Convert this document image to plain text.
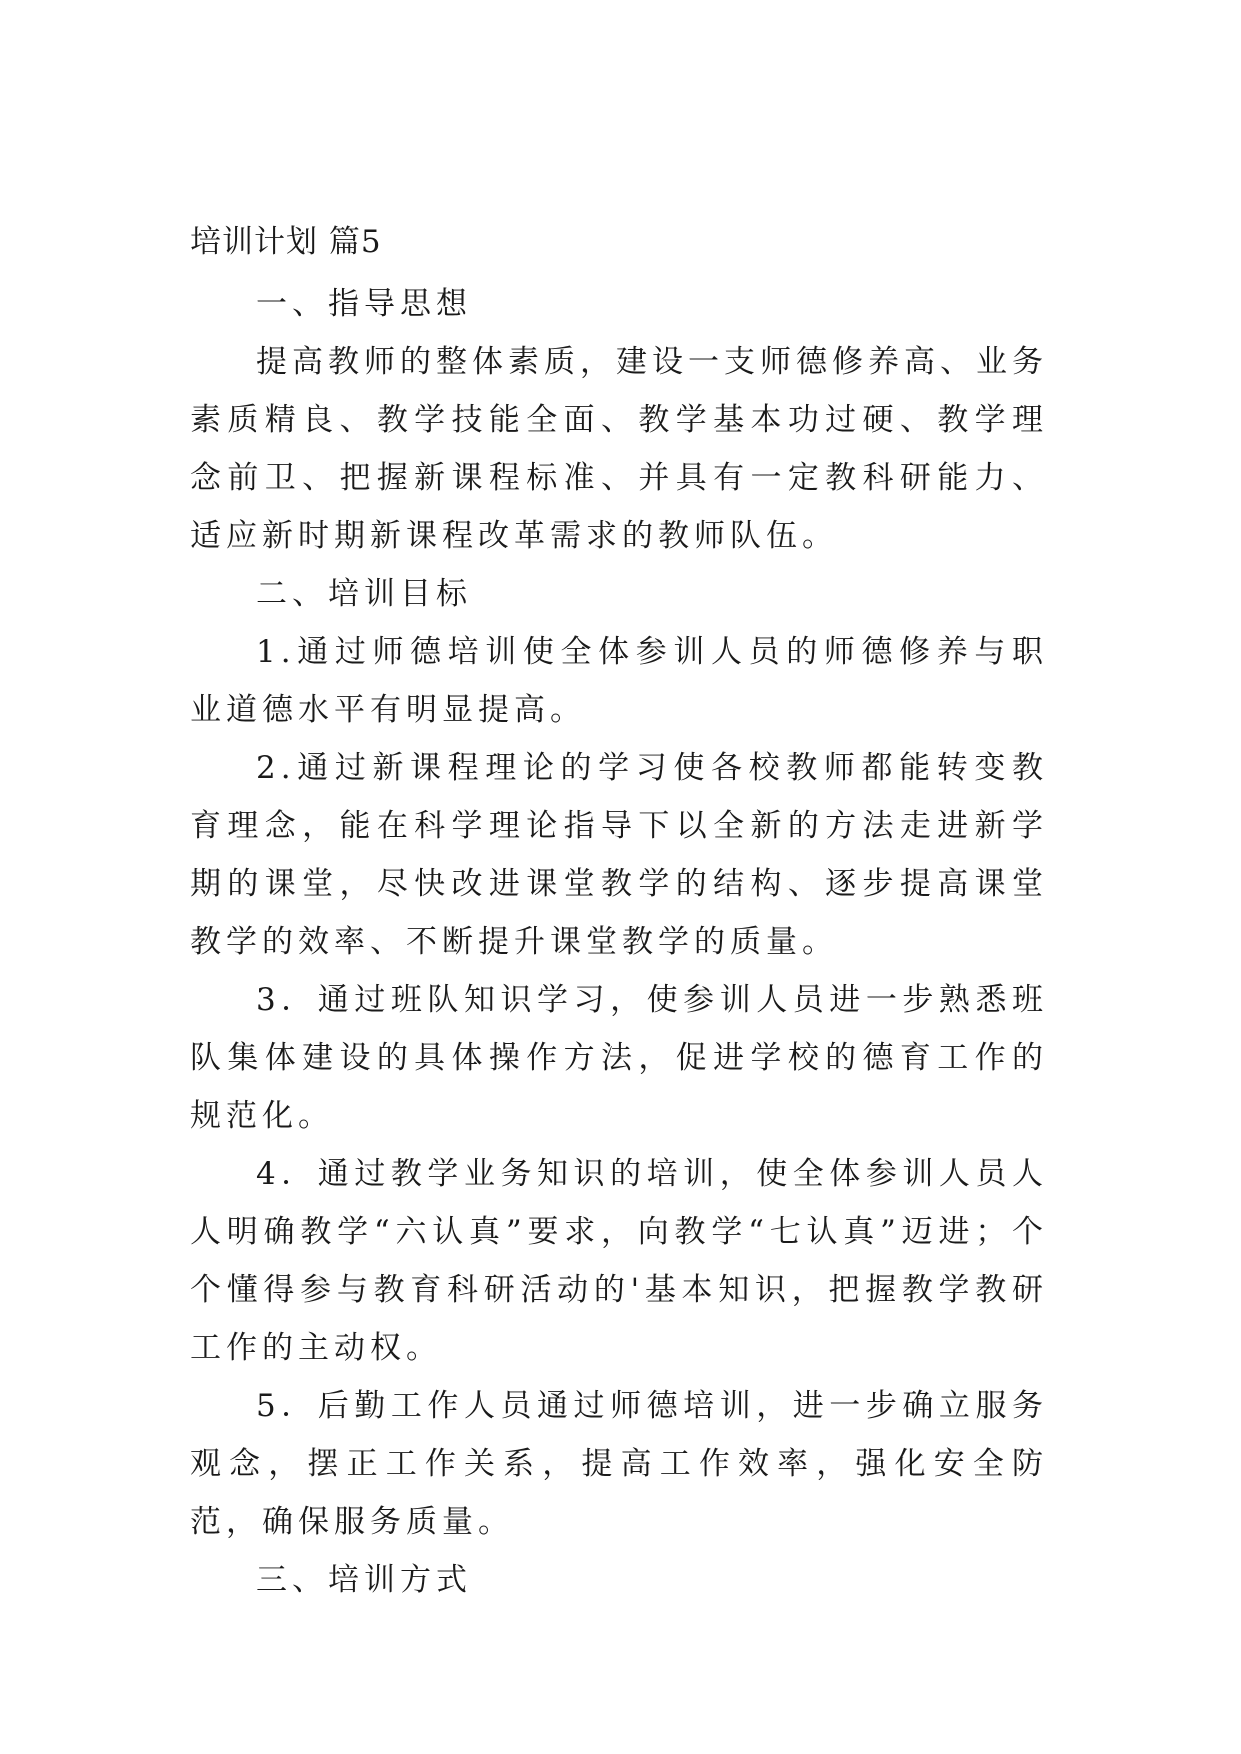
培训计划 篇5

一、指导思想

提高教师的整体素质，建设一支师德修养高、业务素质精良、教学技能全面、教学基本功过硬、教学理念前卫、把握新课程标准、并具有一定教科研能力、适应新时期新课程改革需求的教师队伍。

二、培训目标

1.通过师德培训使全体参训人员的师德修养与职业道德水平有明显提高。

2.通过新课程理论的学习使各校教师都能转变教育理念，能在科学理论指导下以全新的方法走进新学期的课堂，尽快改进课堂教学的结构、逐步提高课堂教学的效率、不断提升课堂教学的质量。

3．通过班队知识学习，使参训人员进一步熟悉班队集体建设的具体操作方法，促进学校的德育工作的规范化。

4．通过教学业务知识的培训，使全体参训人员人人明确教学“六认真”要求，向教学“七认真”迈进；个个懂得参与教育科研活动的'基本知识，把握教学教研工作的主动权。

5．后勤工作人员通过师德培训，进一步确立服务观念，摆正工作关系，提高工作效率，强化安全防范，确保服务质量。

三、培训方式
